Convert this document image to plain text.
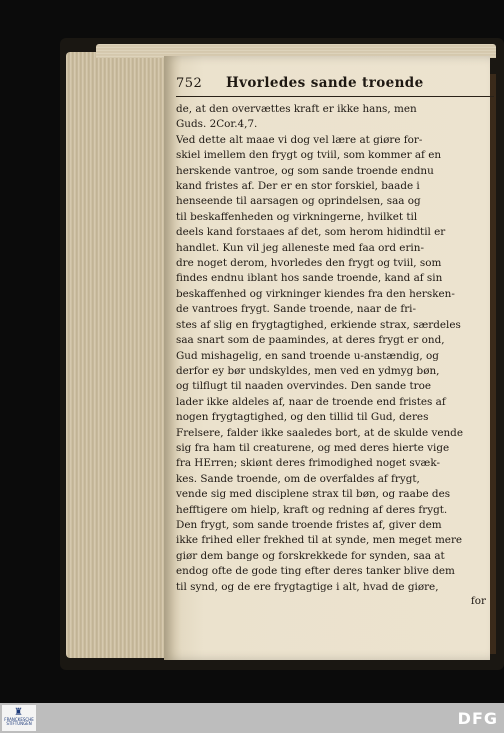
752 Hvorledes sande troende
de, at den overvættes kraft er ikke hans, men
Guds. 2Cor.4,7.
Ved dette alt maae vi dog vel lære at giøre for-
skiel imellem den frygt og tviil, som kommer af en
herskende vantroe, og som sande troende endnu
kand fristes af. Der er en stor forskiel, baade i
henseende til aarsagen og oprindelsen, saa og
til beskaffenheden og virkningerne, hvilket til
deels kand forstaaes af det, som herom hidindtil er
handlet. Kun vil jeg alleneste med faa ord erin-
dre noget derom, hvorledes den frygt og tviil, som
findes endnu iblant hos sande troende, kand af sin
beskaffenhed og virkninger kiendes fra den hersken-
de vantroes frygt. Sande troende, naar de fri-
stes af slig en frygtagtighed, erkiende strax, særdeles
saa snart som de paamindes, at deres frygt er ond,
Gud mishagelig, en sand troende u-anstændig, og
derfor ey bør undskyldes, men ved en ydmyg bøn,
og tilflugt til naaden overvindes. Den sande troe
lader ikke aldeles af, naar de troende end fristes af
nogen frygtagtighed, og den tillid til Gud, deres
Frelsere, falder ikke saaledes bort, at de skulde vende
sig fra ham til creaturene, og med deres hierte vige
fra HErren; skiønt deres frimodighed noget svæk-
kes. Sande troende, om de overfaldes af frygt,
vende sig med disciplene strax til bøn, og raabe des
hefftigere om hielp, kraft og redning af deres frygt.
Den frygt, som sande troende fristes af, giver dem
ikke frihed eller frekhed til at synde, men meget mere
giør dem bange og forskrekkede for synden, saa at
endog ofte de gode ting efter deres tanker blive dem
til synd, og de ere frygtagtige i alt, hvad de giøre,
for
♜
FRANCKESCHE STIFTUNGEN	DFG
